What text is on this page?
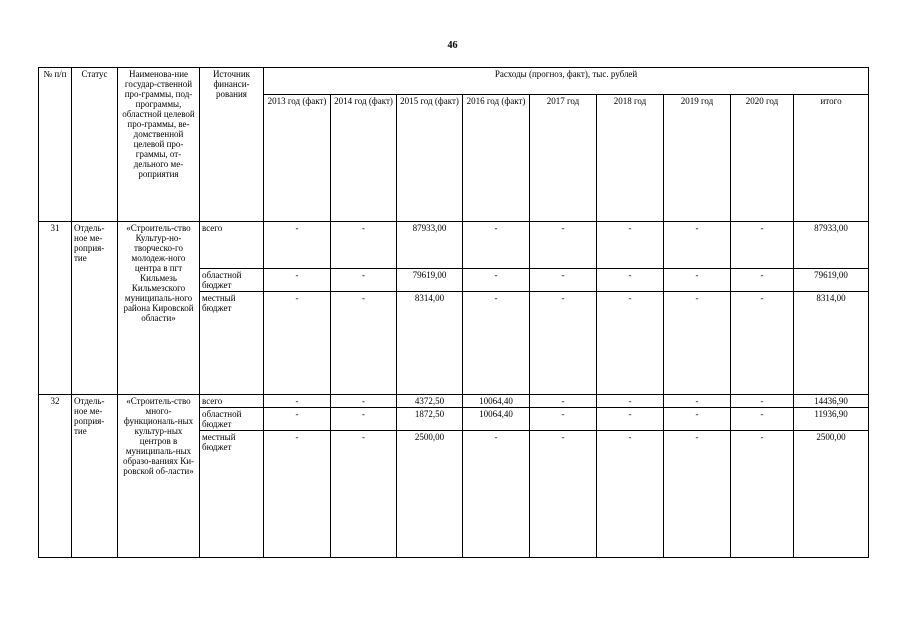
46
№ п/п	Статус	Наименова-ние государ-ственной про-граммы, под-программы, областной целевой про-граммы, ве-домственной целевой про-граммы, от-дельного ме-роприятия	Источник финанси-рования	Расходы (прогноз, факт), тыс. рублей								
				2013 год (факт)	2014 год (факт)	2015 год (факт)	2016 год (факт)	2017 год	2018 год	2019 год	2020 год	итого
31	Отдель-ное ме-роприя-тие	«Строитель-ство Культур-но-творческо-го молодеж-ного центра в пгт Кильмезь Кильмезского муниципаль-ного района Кировской области»	всего	-	-	87933,00	-	-	-	-	-	87933,00
			областной бюджет	-	-	79619,00	-	-	-	-	-	79619,00
			местный бюджет	-	-	8314,00	-	-	-	-	-	8314,00
32	Отдель-ное ме-роприя-тие	«Строитель-ство много-функциональ-ных культур-ных центров в муниципаль-ных образо-ваниях Ки-ровской об-ласти»	всего	-	-	4372,50	10064,40	-	-	-	-	14436,90
			областной бюджет	-	-	1872,50	10064,40	-	-	-	-	11936,90
			местный бюджет	-	-	2500,00	-	-	-	-	-	2500,00
